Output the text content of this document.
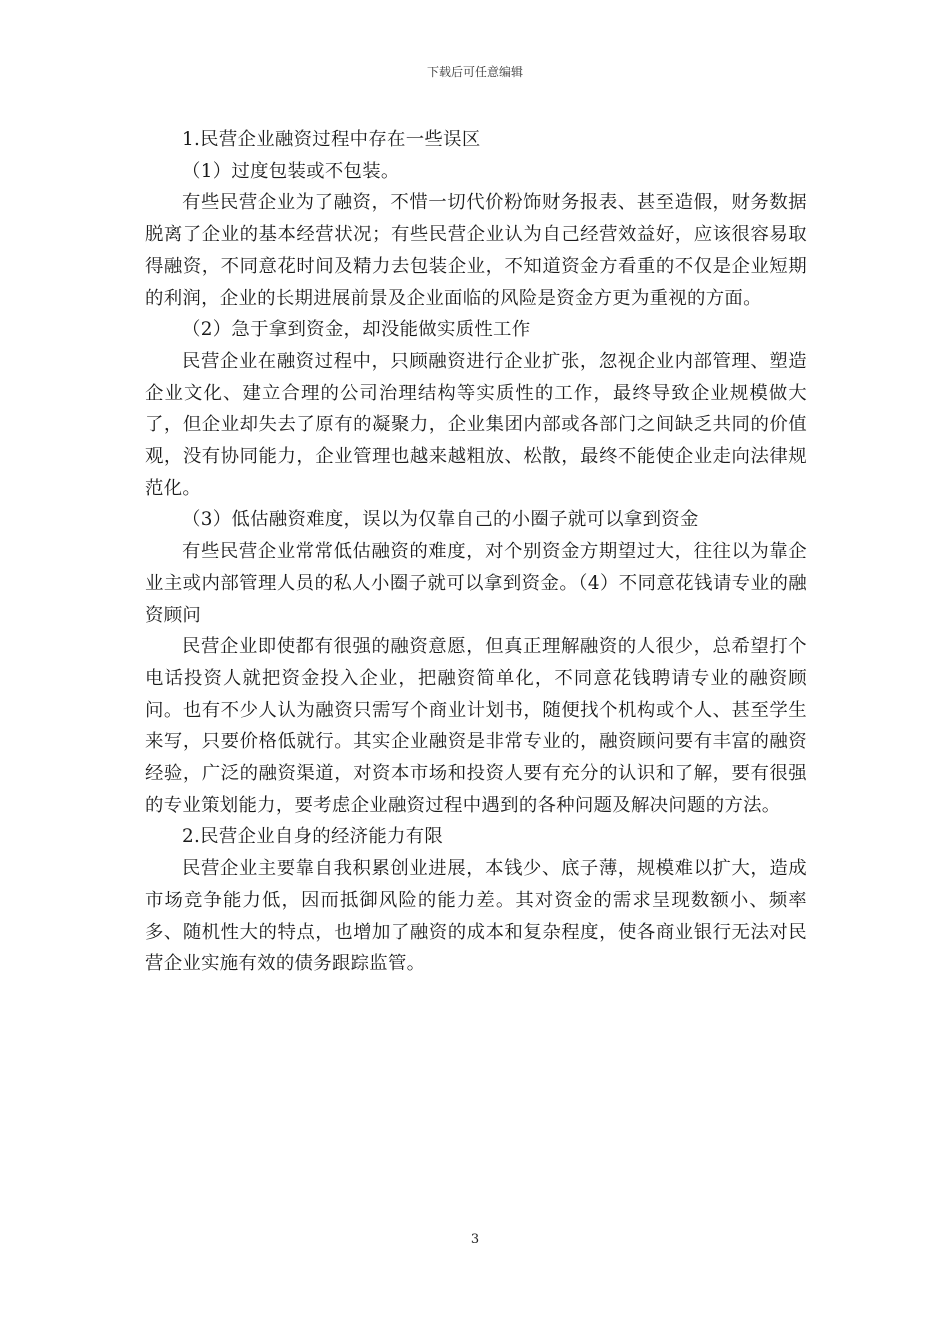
下载后可任意编辑

1.民营企业融资过程中存在一些误区

（1）过度包装或不包装。

有些民营企业为了融资，不惜一切代价粉饰财务报表、甚至造假，财务数据脱离了企业的基本经营状况；有些民营企业认为自己经营效益好，应该很容易取得融资，不同意花时间及精力去包装企业，不知道资金方看重的不仅是企业短期的利润，企业的长期进展前景及企业面临的风险是资金方更为重视的方面。

（2）急于拿到资金，却没能做实质性工作

民营企业在融资过程中，只顾融资进行企业扩张，忽视企业内部管理、塑造企业文化、建立合理的公司治理结构等实质性的工作，最终导致企业规模做大了，但企业却失去了原有的凝聚力，企业集团内部或各部门之间缺乏共同的价值观，没有协同能力，企业管理也越来越粗放、松散，最终不能使企业走向法律规范化。

（3）低估融资难度，误以为仅靠自己的小圈子就可以拿到资金

有些民营企业常常低估融资的难度，对个别资金方期望过大，往往以为靠企业主或内部管理人员的私人小圈子就可以拿到资金。（4）不同意花钱请专业的融资顾问

民营企业即使都有很强的融资意愿，但真正理解融资的人很少，总希望打个电话投资人就把资金投入企业，把融资简单化，不同意花钱聘请专业的融资顾问。也有不少人认为融资只需写个商业计划书，随便找个机构或个人、甚至学生来写，只要价格低就行。其实企业融资是非常专业的，融资顾问要有丰富的融资经验，广泛的融资渠道，对资本市场和投资人要有充分的认识和了解，要有很强的专业策划能力，要考虑企业融资过程中遇到的各种问题及解决问题的方法。

2.民营企业自身的经济能力有限

民营企业主要靠自我积累创业进展，本钱少、底子薄，规模难以扩大，造成市场竞争能力低，因而抵御风险的能力差。其对资金的需求呈现数额小、频率多、随机性大的特点，也增加了融资的成本和复杂程度，使各商业银行无法对民营企业实施有效的债务跟踪监管。

3
